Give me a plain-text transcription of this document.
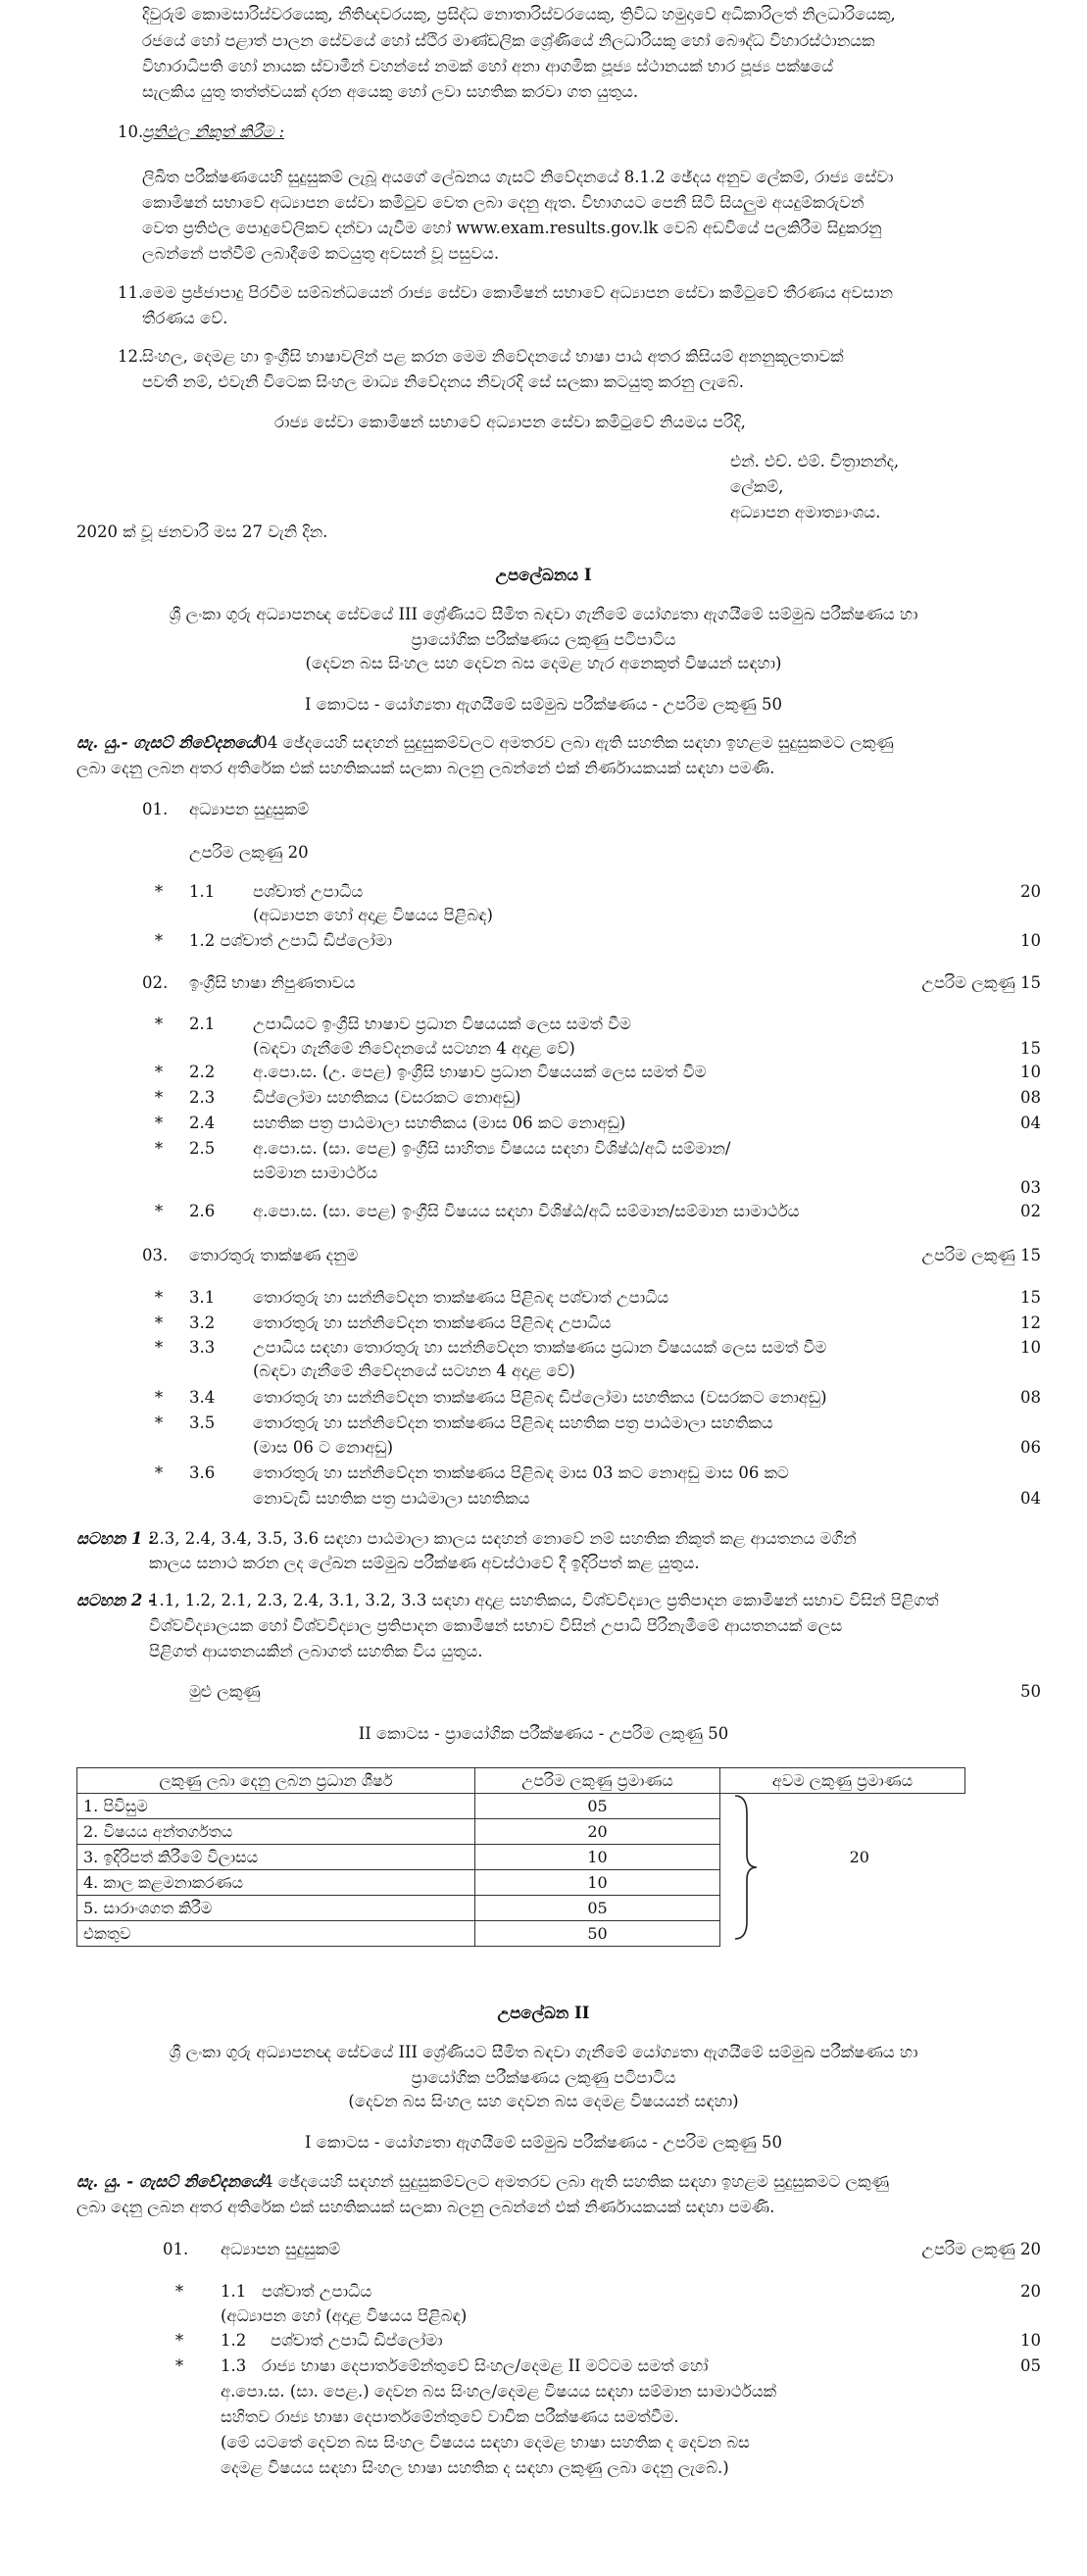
දිවුරුම් කොමසාරිස්වරයෙකු, නීතිඥවරයකු, ප්‍රසිද්ධ නොතාරිස්වරයෙකු, ත්‍රිවිධ හමුදාවේ අධිකාරිලත් නිලධාරියෙකු,

රජයේ හෝ පළාත් පාලන සේවයේ හෝ ස්ථිර මාණ්ඩලික ශ්‍රේණියේ නිලධාරියකු හෝ බෞද්ධ විහාරස්ථානයක

විහාරාධිපති හෝ නායක ස්වාමීන් වහන්සේ නමක් හෝ අනා ආගමික පූජ්‍ය ස්ථානයක් භාර පූජ්‍ය පක්ෂයේ

සැලකිය යුතු තත්ත්වයක් දරන අයෙකු හෝ ලවා සහතික කරවා ගත යුතුය.

10.

ප්‍රතිඵල නිකුත් කිරීම :

ලිඛිත පරීක්ෂණයෙහි සුදුසුකම් ලැබූ අයගේ ලේඛනය ගැසට් නිවේදනයේ 8.1.2 ඡේදය අනුව ලේකම්, රාජ්‍ය සේවා

කොමිෂන් සභාවේ අධ්‍යාපන සේවා කමිටුව වෙත ලබා දෙනු ඇත. විභාගයට පෙනී සිටි සියලුම අයදුම්කරුවන්

වෙත ප්‍රතිඵල පොදුවේලිකව දන්වා යැවීම හෝ www.exam.results.gov.lk වෙබ් අඩවියේ පලකිරීම සිදුකරනු

ලබන්නේ පත්වීම් ලබාදීමේ කටයුතු අවසන් වූ පසුවය.

11.

මෙම ප්‍රජ්ජාපාදු පිරවීම සම්බන්ධයෙන් රාජ්‍ය සේවා කොමිෂන් සභාවේ අධ්‍යාපන සේවා කමිටුවේ තීරණය අවසාන

තීරණය වේ.

12.

සිංහල, දෙමළ හා ඉංග්‍රීසි භාෂාවලින් පළ කරන මෙම නිවේදනයේ භාෂා පාඨ අතර කිසියම් අනනුකූලතාවක්

පවතී නම්, එවැනි විටෙක සිංහල මාධ්‍ය නිවේදනය නිවැරදි සේ සලකා කටයුතු කරනු ලැබේ.

රාජ්‍ය සේවා කොමිෂන් සභාවේ අධ්‍යාපන සේවා කමිටුවේ නියමය පරිදි,

එන්. එච්. එම්. චිත්‍රානන්ද,

ලේකම්,

අධ්‍යාපන අමාත්‍යාංශය.

2020 ක් වූ ජනවාරි මස 27 වැනි දින.

උපලේඛනය I

ශ්‍රී ලංකා ගුරු අධ්‍යාපනඥ සේවයේ III ශ්‍රේණියට සීමිත බඳවා ගැනීමේ යෝග්‍යතා ඇගයීමේ සම්මුඛ පරීක්ෂණය හා

ප්‍රායෝගික පරීක්ෂණය ලකුණු පටිපාටිය

(දෙවන බස සිංහල සහ දෙවන බස දෙමළ හැර අනෙකුත් විෂයන් සඳහා)

I කොටස - යෝග්‍යතා ඇගයීමේ සම්මුඛ පරීක්ෂණය - උපරිම ලකුණු 50

සැ. යු.- ගැසට් නිවේදනයේ04 ඡේදයෙහි සඳහන් සුදුසුකම්වලට අමතරව ලබා ඇති සහතික සඳහා ඉහළම සුදුසුකමට ලකුණු

ලබා දෙනු ලබන අතර අතිරේක එක් සහතිකයක් සලකා බලනු ලබන්නේ එක් නිර්ණායකයක් සඳහා පමණි.

01. අධ්‍යාපන සුදුසුකම්

උපරිම ලකුණු 20

* 1.1 පශ්චාත් උපාධිය	20
(අධ්‍යාපන හෝ අදාළ විෂයය පිළිබඳ)
* 1.2 පශ්චාත් උපාධි ඩිප්ලෝමා	10

02. ඉංග්‍රීසි භාෂා නිපුණතාවය	උපරිම ලකුණු 15

* 2.1 උපාධියට ඉංග්‍රීසි භාෂාව ප්‍රධාන විෂයයක් ලෙස සමත් වීම
(බඳවා ගැනීමේ නිවේදනයේ සටහන 4 අදාළ වේ)	15
* 2.2 අ.පො.ස. (උ. පෙළ) ඉංග්‍රීසි භාෂාව ප්‍රධාන විෂයයක් ලෙස සමත් වීම	10
* 2.3 ඩිප්ලෝමා සහතිකය (වසරකට නොඅඩු)	08
* 2.4 සහතික පත්‍ර පාඨමාලා සහතිකය (මාස 06 කට නොඅඩු)	04
* 2.5 අ.පො.ස. (සා. පෙළ) ඉංග්‍රීසි සාහිත්‍ය විෂයය සඳහා විශිෂ්ඨ/අධි සම්මාන/
සම්මාන සාමාර්ථය
03
* 2.6 අ.පො.ස. (සා. පෙළ) ඉංග්‍රීසි විෂයය සඳහා විශිෂ්ඨ/අධි සම්මාන/සම්මාන සාමාර්ථය	02

03. තොරතුරු තාක්ෂණ දනුම	උපරිම ලකුණු 15

* 3.1 තොරතුරු හා සන්නිවේදන තාක්ෂණය පිළිබඳ පශ්චාත් උපාධිය	15
* 3.2 තොරතුරු හා සන්නිවේදන තාක්ෂණය පිළිබඳ උපාධිය	12
* 3.3 උපාධිය සඳහා තොරතුරු හා සන්නිවේදන තාක්ෂණය ප්‍රධාන විෂයයක් ලෙස සමත් වීම	10
(බඳවා ගැනීමේ නිවේදනයේ සටහන 4 අදාළ වේ)
* 3.4 තොරතුරු හා සන්නිවේදන තාක්ෂණය පිළිබඳ ඩිප්ලෝමා සහතිකය (වසරකට නොඅඩු)	08
* 3.5 තොරතුරු හා සන්නිවේදන තාක්ෂණය පිළිබඳ සහතික පත්‍ර පාඨමාලා සහතිකය
(මාස 06 ට නොඅඩු)	06
* 3.6 තොරතුරු හා සන්නිවේදන තාක්ෂණය පිළිබඳ මාස 03 කට නොඅඩු මාස 06 කට
නොවැඩි සහතික පත්‍ර පාඨමාලා සහතිකය	04

සටහන 1 :

2.3, 2.4, 3.4, 3.5, 3.6 සඳහා පාඨමාලා කාලය සඳහන් නොවේ නම් සහතික නිකුත් කළ ආයතනය මගින්

කාලය සනාථ කරන ලද ලේඛන සම්මුඛ පරීක්ෂණ අවස්ථාවේ දී ඉදිරිපත් කළ යුතුය.

සටහන 2 -

1.1, 1.2, 2.1, 2.3, 2.4, 3.1, 3.2, 3.3 සඳහා අදාළ සහතිකය, විශ්වවිද්‍යාල ප්‍රතිපාදන කොමිෂන් සභාව විසින් පිළිගත්

විශ්වවිද්‍යාලයක හෝ විශ්වවිද්‍යාල ප්‍රතිපාදන කොමිෂන් සභාව විසින් උපාධි පිරිනැමීමේ ආයතනයක් ලෙස

පිළිගත් ආයතනයකින් ලබාගත් සහතික විය යුතුය.

මුළු ලකුණු	50

II කොටස - ප්‍රායෝගික පරීක්ෂණය - උපරිම ලකුණු 50

ලකුණු ලබා දෙනු ලබන ප්‍රධාන ශීර්ෂ	උපරිම ලකුණු ප්‍රමාණය	අවම ලකුණු ප්‍රමාණය
1. පිවිසුම	05	20
2. විෂයය අන්තර්ගතය	20	
3. ඉදිරිපත් කිරීමේ විලාසය	10	
4. කාල කළමනාකරණය	10	
5. සාරාංශගත කිරීම	05	
එකතුව	50	

උපලේඛන II

ශ්‍රී ලංකා ගුරු අධ්‍යාපනඥ සේවයේ III ශ්‍රේණියට සීමිත බඳවා ගැනීමේ යෝග්‍යතා ඇගයීමේ සම්මුඛ පරීක්ෂණය හා

ප්‍රායෝගික පරීක්ෂණය ලකුණු පටිපාටිය

(දෙවන බස සිංහල සහ දෙවන බස දෙමළ විෂයයන් සඳහා)

I කොටස - යෝග්‍යතා ඇගයීමේ සම්මුඛ පරීක්ෂණය - උපරිම ලකුණු 50

සැ. යු. - ගැසට් නිවේදනයේ4 ඡේදයෙහි සඳහන් සුදුසුකම්වලට අමතරව ලබා ඇති සහතික සඳහා ඉහළම සුදුසුකමට ලකුණු

ලබා දෙනු ලබන අතර අතිරේක එක් සහතිකයක් සලකා බලනු ලබන්නේ එක් නිර්ණායකයක් සඳහා පමණි.

01. අධ්‍යාපන සුදුසුකම්	උපරිම ලකුණු 20

* 1.1 පශ්චාත් උපාධිය	20
(අධ්‍යාපන හෝ (අදාළ විෂයය පිළිබඳ)
* 1.2 පශ්චාත් උපාධි ඩිප්ලෝමා	10
* 1.3 රාජ්‍ය භාෂා දෙපාර්තමේන්තුවේ සිංහල/දෙමළ II මට්ටම සමත් හෝ	05

අ.පො.ස. (සා. පෙළ.) දෙවන බස සිංහල/දෙමළ විෂයය සඳහා සම්මාන සාමාර්ථයක්

සහිතව රාජ්‍ය භාෂා දෙපාර්තමේන්තුවේ වාචික පරීක්ෂණය සමත්වීම.

(මේ යටතේ දෙවන බස සිංහල විෂයය සඳහා දෙමළ භාෂා සහතික ද දෙවන බස

දෙමළ විෂයය සඳහා සිංහල භාෂා සහතික ද සඳහා ලකුණු ලබා දෙනු ලැබේ.)
